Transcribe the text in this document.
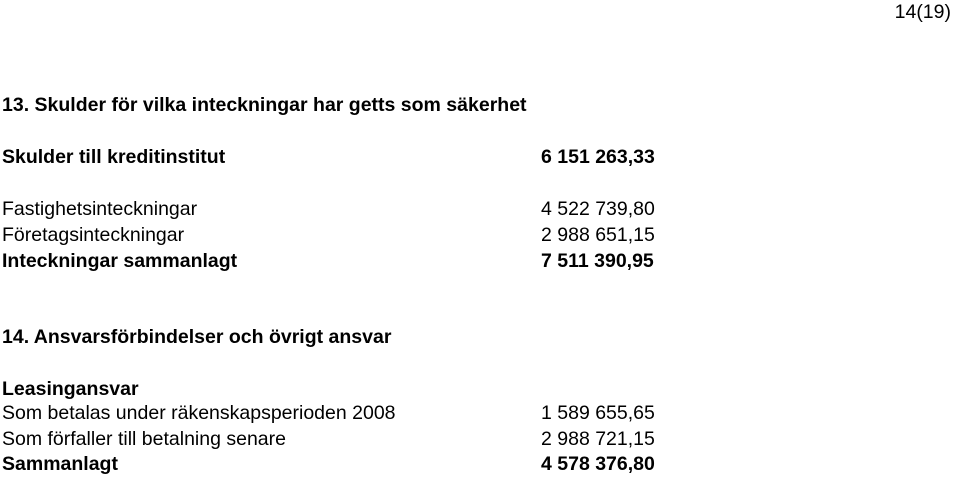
14(19)
13. Skulder för vilka inteckningar har getts som säkerhet
Skulder till kreditinstitut	6 151 263,33
Fastighetsinteckningar	4 522 739,80
Företagsinteckningar	2 988 651,15
Inteckningar sammanlagt	7 511 390,95
14. Ansvarsförbindelser och övrigt ansvar
Leasingansvar
Som betalas under räkenskapsperioden 2008	1 589 655,65
Som förfaller till betalning senare	2 988 721,15
Sammanlagt	4 578 376,80
